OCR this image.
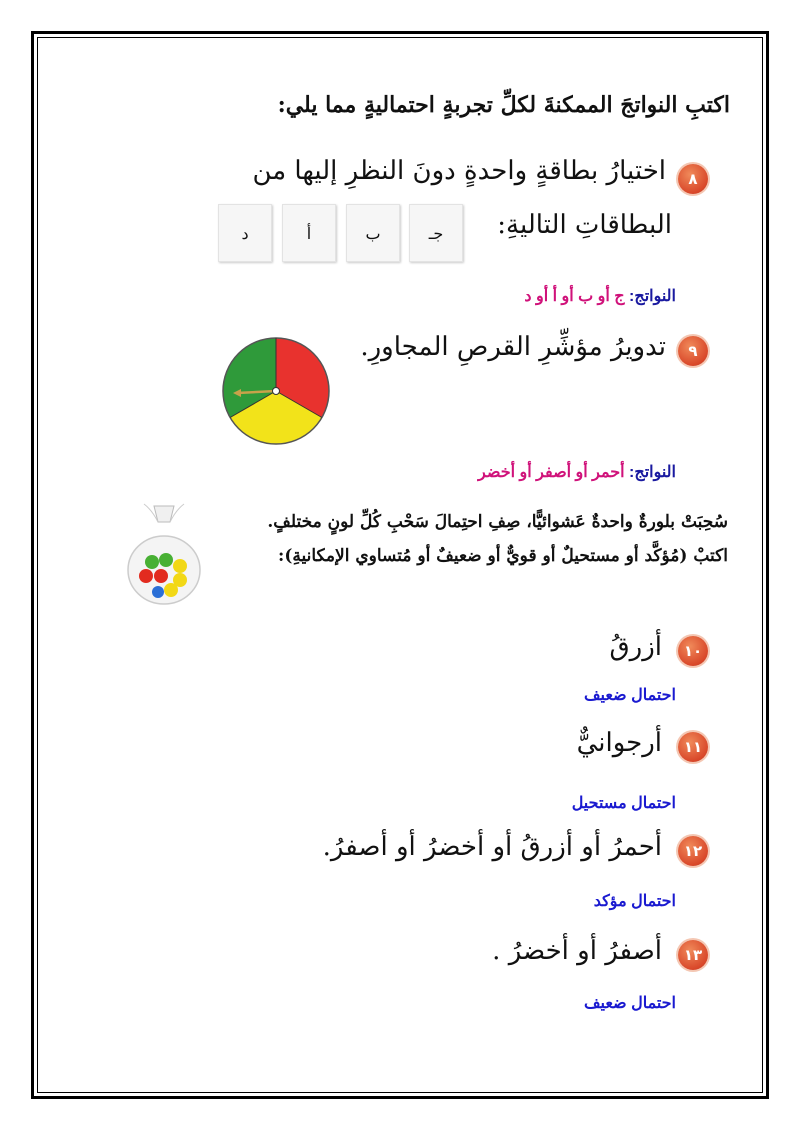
اكتبِ النواتجَ الممكنةَ لكلِّ تجربةٍ احتماليةٍ مما يلي:
٨
اختيارُ بطاقةٍ واحدةٍ دونَ النظرِ إليها من
البطاقاتِ التاليةِ:
جـ
ب
أ
د
النواتج: ج أو ب أو أ أو د
٩
تدويرُ مؤشِّرِ القرصِ المجاورِ.
النواتج: أحمر أو أصفر أو أخضر
سُحِبَتْ بلورةٌ واحدةٌ عَشوائيًّا، صِفِ احتِمالَ سَحْبِ كُلِّ لونٍ مختلفٍ.
اكتبْ (مُؤكَّد أو مستحيلٌ أو قويٌّ أو ضعيفٌ أو مُتساوي الإمكانيةِ):
١٠
أزرقُ
احتمال ضعيف
١١
أرجوانيٌّ
احتمال مستحيل
١٢
أحمرُ أو أزرقُ أو أخضرُ أو أصفرُ.
احتمال مؤكد
١٣
أصفرُ أو أخضرُ .
احتمال ضعيف
